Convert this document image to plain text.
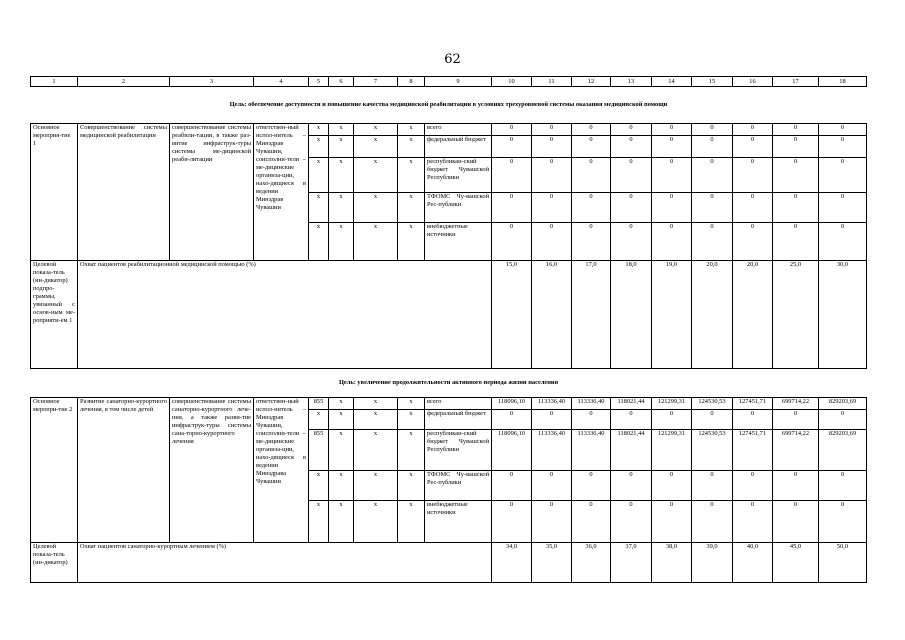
62
1	2	3	4	5	6	7	8	9	10	11	12	13	14	15	16	17	18
Цель: обеспечение доступности и повышение качества медицинской реабилитации в условиях трехуровневой системы оказания медицинской помощи																	
Основное мероприя-тие 1	Совершенствование системы медицинской реабилитации	совершенствование системы реабили-тации, в также раз-витие инфраструк-туры системы ме-дицинской реаби-литации	ответствен-ный испол-нитель – Минздрав Чувашии, соисполни-тели – ме-дицинские организа-ции, нахо-дящиеся в ведении Минздрав Чувашии	x	x	x	x	всего	0	0	0	0	0	0	0	0	0
				x	x	x	x	федеральный бюджет	0	0	0	0	0	0	0	0	0
				x	x	x	x	республикан-ский бюджет Чувашской Республики	0	0	0	0	0	0	0	0	0
				x	x	x	x	ТФОМС Чу-вашской Рес-публики	0	0	0	0	0	0	0	0	0
				x	x	x	x	внебюджетные источники	0	0	0	0	0	0	0	0	0
Целевой показа-тель (ин-дикатор) подпро-граммы, увязанный с основ-ным ме-роприяти-ем 1	Охват пациентов реабилитационной медицинской помощью (%)								15,0	16,0	17,0	18,0	19,0	20,0	20,0	25,0	30,0
Цель: увеличение продолжительности активного периода жизни населения																	
Основное меропри-тие 2	Развитие санаторно-курортного лечения, в том числе детей	совершенствование системы санаторно-курортного лече-ния, а также разви-тие инфраструк-туры системы сана-торно-курортного лечения	ответствен-ный испол-нитель – Минздрав Чувашии, соисполни-тели – ме-дицинские организа-ции, нахо-дящиеся в ведении Минздрава Чувашии	855	x	x	x	всего	118096,10	113336,40	113336,40	118021,44	121299,31	124530,53	127451,71	699714,22	829203,69
				x	x	x	x	федеральный бюджет	0	0	0	0	0	0	0	0	0
				855	x	x	x	республикан-ский бюджет Чувашской Республики	118096,10	113336,40	113336,40	118021,44	121299,31	124530,53	127451,71	699714,22	829203,69
				x	x	x	x	ТФОМС Чу-вашской Рес-публики	0	0	0	0	0	0	0	0	0
				x	x	x	x	внебюджетные источники	0	0	0	0	0	0	0	0	0
Целевой показа-тель (ин-дикатор)	Охват пациентов санаторно-курортным лечением (%)								34,0	35,0	36,0	37,0	38,0	39,0	40,0	45,0	50,0
